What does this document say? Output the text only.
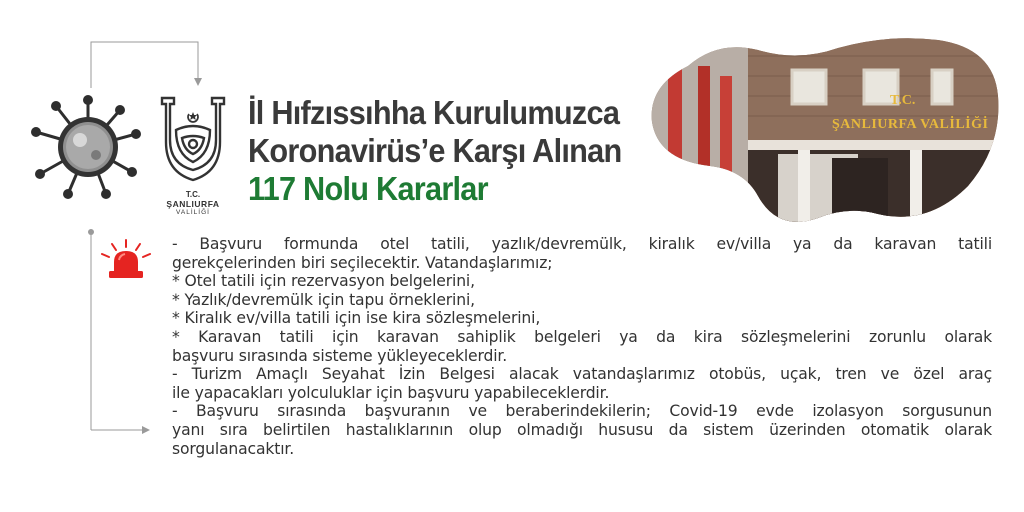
T.C.
ŞANLIURFA
VALİLİĞİ
İl Hıfzıssıhha Kurulumuzca
Koronavirüs’e Karşı Alınan
117 Nolu Kararlar
T.C.
ŞANLIURFA VALİLİĞİ
- Başvuru formunda otel tatili, yazlık/devremülk, kiralık ev/villa ya da karavan tatili
gerekçelerinden biri seçilecektir. Vatandaşlarımız;
* Otel tatili için rezervasyon belgelerini,
* Yazlık/devremülk için tapu örneklerini,
* Kiralık ev/villa tatili için ise kira sözleşmelerini,
* Karavan tatili için karavan sahiplik belgeleri ya da kira sözleşmelerini zorunlu olarak
başvuru sırasında sisteme yükleyeceklerdir.
- Turizm Amaçlı Seyahat İzin Belgesi alacak vatandaşlarımız otobüs, uçak, tren ve özel araç
ile yapacakları yolculuklar için başvuru yapabileceklerdir.
- Başvuru sırasında başvuranın ve beraberindekilerin; Covid-19 evde izolasyon sorgusunun
yanı sıra belirtilen hastalıklarının olup olmadığı hususu da sistem üzerinden otomatik olarak
sorgulanacaktır.
